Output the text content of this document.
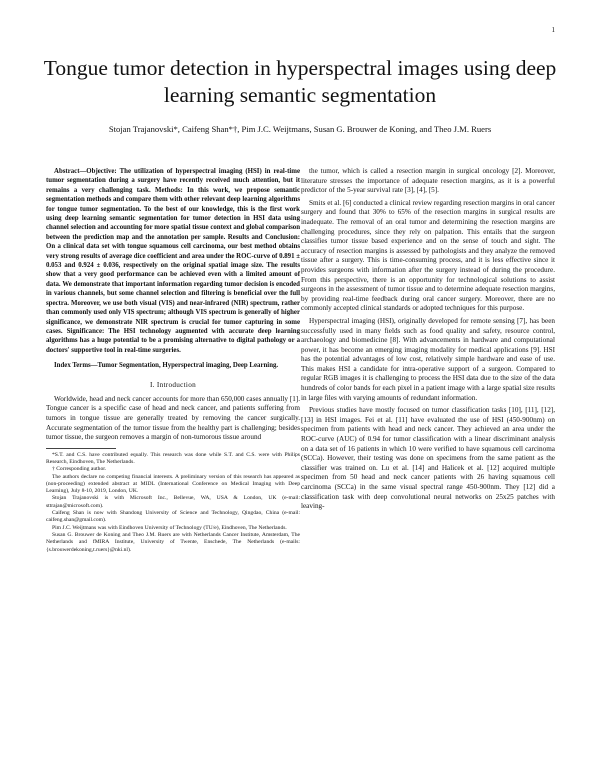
1
Tongue tumor detection in hyperspectral images using deep learning semantic segmentation
Stojan Trajanovski*, Caifeng Shan*†, Pim J.C. Weijtmans, Susan G. Brouwer de Koning, and Theo J.M. Ruers

Abstract—Objective: The utilization of hyperspectral imaging (HSI) in real-time tumor segmentation during a surgery have recently received much attention, but it remains a very challenging task. Methods: In this work, we propose semantic segmentation methods and compare them with other relevant deep learning algorithms for tongue tumor segmentation. To the best of our knowledge, this is the first work using deep learning semantic segmentation for tumor detection in HSI data using channel selection and accounting for more spatial tissue context and global comparison between the prediction map and the annotation per sample. Results and Conclusion: On a clinical data set with tongue squamous cell carcinoma, our best method obtains very strong results of average dice coefficient and area under the ROC-curve of 0.891 ± 0.053 and 0.924 ± 0.036, respectively on the original spatial image size. The results show that a very good performance can be achieved even with a limited amount of data. We demonstrate that important information regarding tumor decision is encoded in various channels, but some channel selection and filtering is beneficial over the full spectra. Moreover, we use both visual (VIS) and near-infrared (NIR) spectrum, rather than commonly used only VIS spectrum; although VIS spectrum is generally of higher significance, we demonstrate NIR spectrum is crucial for tumor capturing in some cases. Significance: The HSI technology augmented with accurate deep learning algorithms has a huge potential to be a promising alternative to digital pathology or a doctors' supportive tool in real-time surgeries.

Index Terms—Tumor Segmentation, Hyperspectral imaging, Deep Learning.

I. Introduction

Worldwide, head and neck cancer accounts for more than 650,000 cases annually [1]. Tongue cancer is a specific case of head and neck cancer, and patients suffering from tumors in tongue tissue are generally treated by removing the cancer surgically. Accurate segmentation of the tumor tissue from the healthy part is challenging; besides tumor tissue, the surgeon removes a margin of non-tumorous tissue around

*S.T. and C.S. have contributed equally. This research was done while S.T. and C.S. were with Philips Research, Eindhoven, The Netherlands.

† Corresponding author.

The authors declare no competing financial interests. A preliminary version of this research has appeared as (non-proceeding) extended abstract at MIDL (International Conference on Medical Imaging with Deep Learning), July 8-10, 2019, London, UK.

Stojan Trajanovski is with Microsoft Inc., Bellevue, WA, USA & London, UK (e-mail: sttrajan@microsoft.com).

Caifeng Shan is now with Shandong University of Science and Technology, Qingdao, China (e-mail: caifeng.shan@gmail.com).

Pim J.C. Weijtmans was with Eindhoven University of Technology (TU/e), Eindhoven, The Netherlands.

Susan G. Brouwer de Koning and Theo J.M. Ruers are with Netherlands Cancer Institute, Amsterdam, The Netherlands and fMIRA Institute, University of Twente, Enschede, The Netherlands (e-mails: {s.brouwerdekoning,t.ruers}@nki.nl).

the tumor, which is called a resection margin in surgical oncology [2]. Moreover, literature stresses the importance of adequate resection margins, as it is a powerful predictor of the 5-year survival rate [3], [4], [5].

Smits et al. [6] conducted a clinical review regarding resection margins in oral cancer surgery and found that 30% to 65% of the resection margins in surgical results are inadequate. The removal of an oral tumor and determining the resection margins are challenging procedures, since they rely on palpation. This entails that the surgeon classifies tumor tissue based experience and on the sense of touch and sight. The accuracy of resection margins is assessed by pathologists and they analyze the removed tissue after a surgery. This is time-consuming process, and it is less effective since it provides surgeons with information after the surgery instead of during the procedure. From this perspective, there is an opportunity for technological solutions to assist surgeons in the assessment of tumor tissue and to determine adequate resection margins, by providing real-time feedback during oral cancer surgery. Moreover, there are no commonly accepted clinical standards or adopted techniques for this purpose.

Hyperspectral imaging (HSI), originally developed for remote sensing [7], has been successfully used in many fields such as food quality and safety, resource control, archaeology and biomedicine [8]. With advancements in hardware and computational power, it has become an emerging imaging modality for medical applications [9]. HSI has the potential advantages of low cost, relatively simple hardware and ease of use. This makes HSI a candidate for intra-operative support of a surgeon. Compared to regular RGB images it is challenging to process the HSI data due to the size of the data hundreds of color bands for each pixel in a patient image with a large spatial size results in large files with varying amounts of redundant information.

Previous studies have mostly focused on tumor classification tasks [10], [11], [12], [13] in HSI images. Fei et al. [11] have evaluated the use of HSI (450-900nm) on specimen from patients with head and neck cancer. They achieved an area under the ROC-curve (AUC) of 0.94 for tumor classification with a linear discriminant analysis on a data set of 16 patients in which 10 were verified to have squamous cell carcinoma (SCCa). However, their testing was done on specimens from the same patient as the classifier was trained on. Lu et al. [14] and Halicek et al. [12] acquired multiple specimen from 50 head and neck cancer patients with 26 having squamous cell carcinoma (SCCa) in the same visual spectral range 450-900nm. They [12] did a classification task with deep convolutional neural networks on 25x25 patches with leaving-
